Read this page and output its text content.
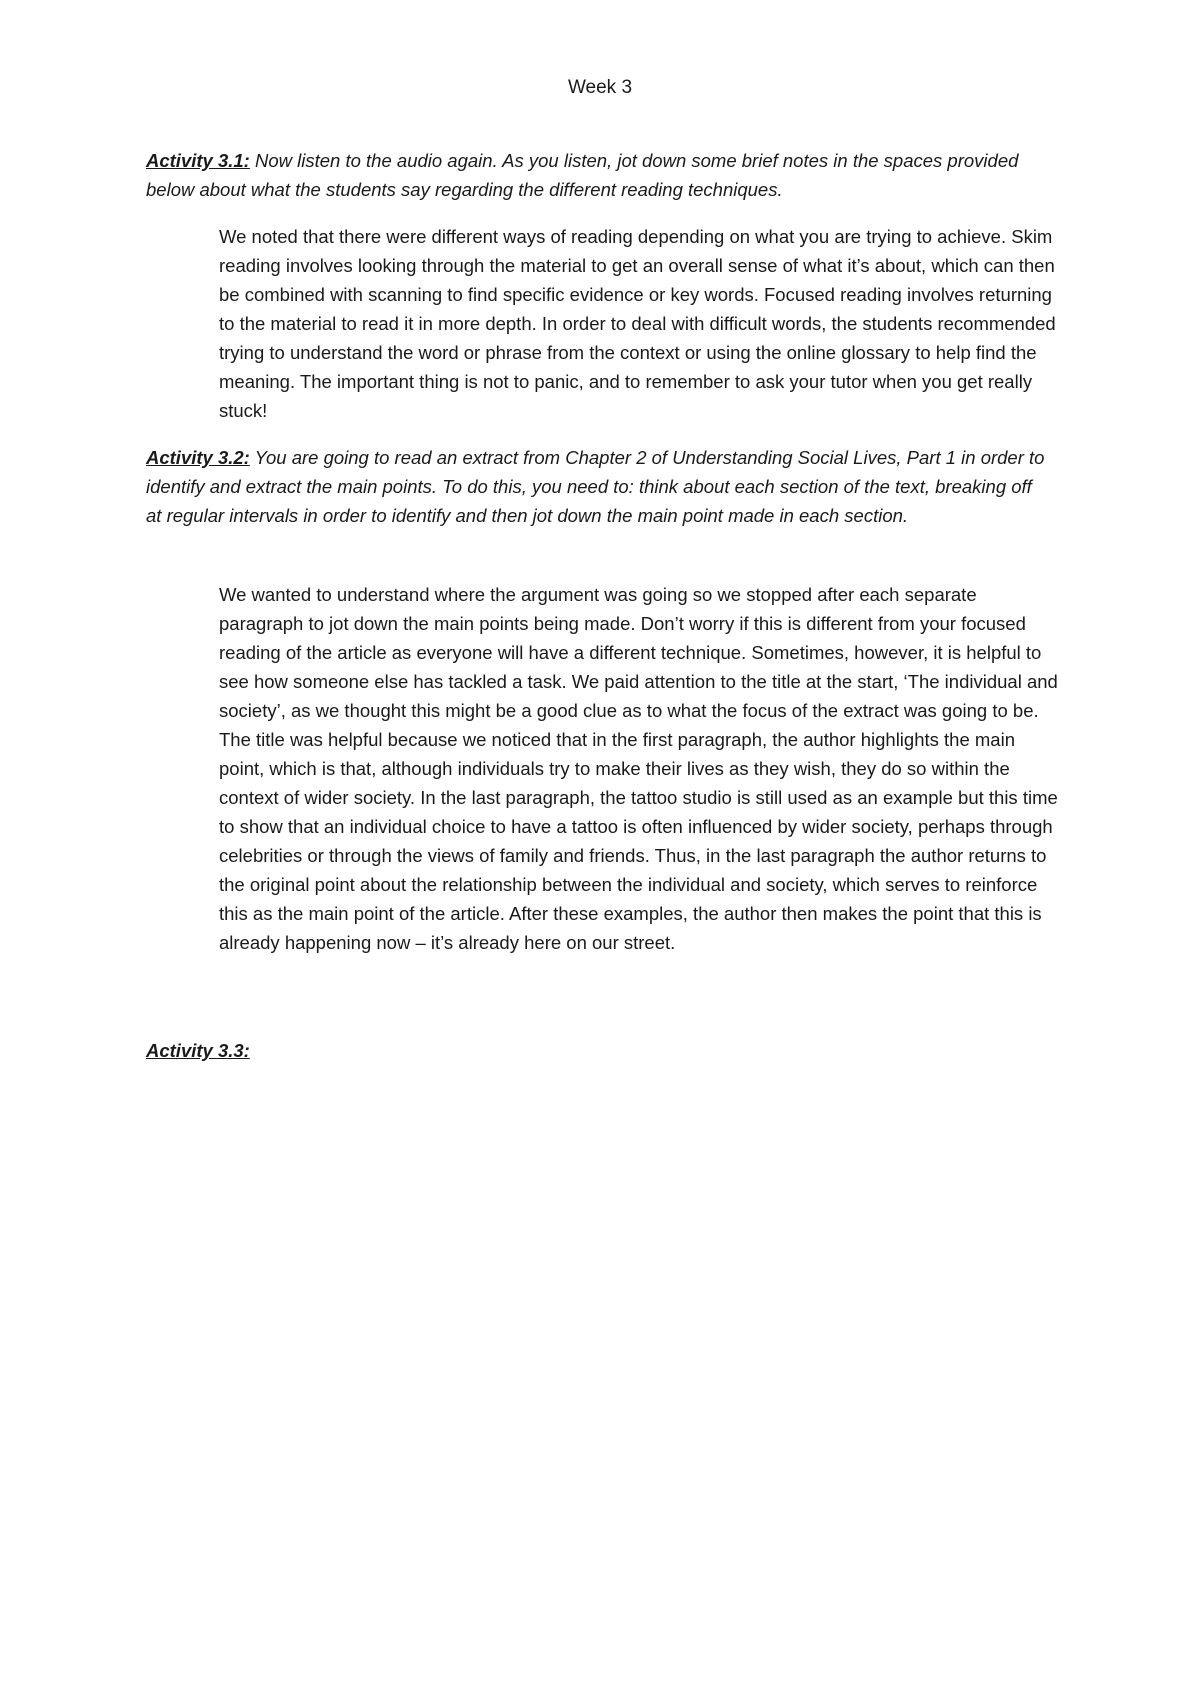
Week 3
Activity 3.1: Now listen to the audio again. As you listen, jot down some brief notes in the spaces provided below about what the students say regarding the different reading techniques.
We noted that there were different ways of reading depending on what you are trying to achieve. Skim reading involves looking through the material to get an overall sense of what it’s about, which can then be combined with scanning to find specific evidence or key words. Focused reading involves returning to the material to read it in more depth. In order to deal with difficult words, the students recommended trying to understand the word or phrase from the context or using the online glossary to help find the meaning. The important thing is not to panic, and to remember to ask your tutor when you get really stuck!
Activity 3.2: You are going to read an extract from Chapter 2 of Understanding Social Lives, Part 1 in order to identify and extract the main points. To do this, you need to: think about each section of the text, breaking off at regular intervals in order to identify and then jot down the main point made in each section.
We wanted to understand where the argument was going so we stopped after each separate paragraph to jot down the main points being made. Don’t worry if this is different from your focused reading of the article as everyone will have a different technique. Sometimes, however, it is helpful to see how someone else has tackled a task. We paid attention to the title at the start, ‘The individual and society’, as we thought this might be a good clue as to what the focus of the extract was going to be. The title was helpful because we noticed that in the first paragraph, the author highlights the main point, which is that, although individuals try to make their lives as they wish, they do so within the context of wider society. In the last paragraph, the tattoo studio is still used as an example but this time to show that an individual choice to have a tattoo is often influenced by wider society, perhaps through celebrities or through the views of family and friends. Thus, in the last paragraph the author returns to the original point about the relationship between the individual and society, which serves to reinforce this as the main point of the article. After these examples, the author then makes the point that this is already happening now – it’s already here on our street.
Activity 3.3:
